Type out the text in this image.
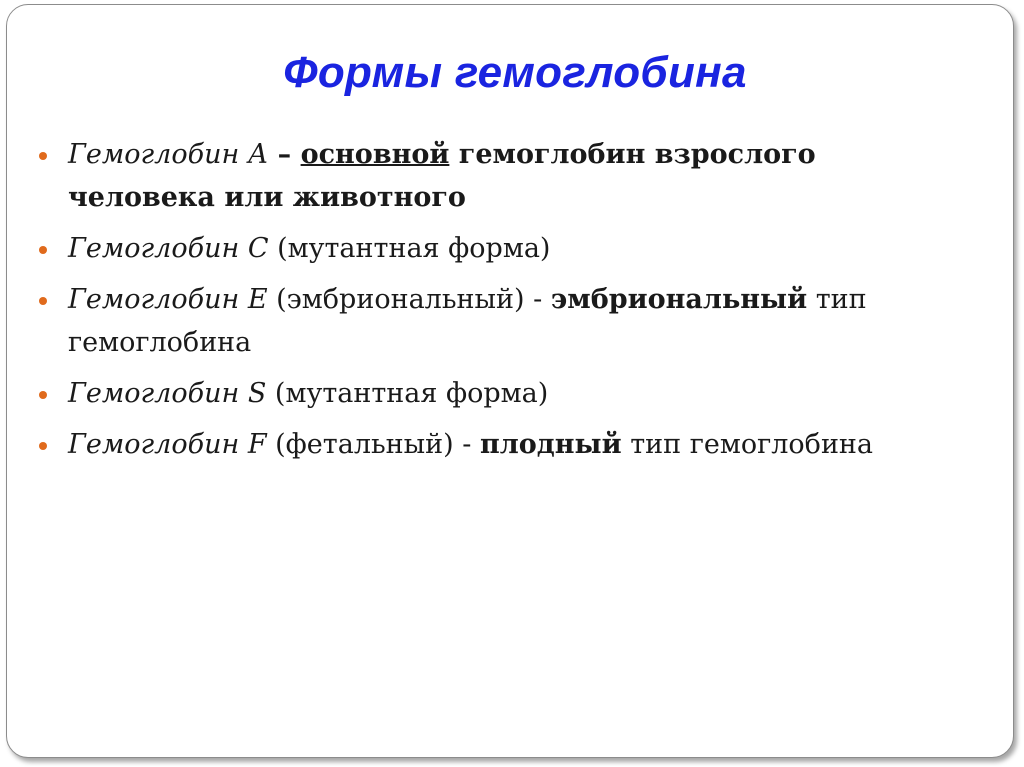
Формы гемоглобина
Гемоглобин А – основной гемоглобин взрослого человека или животного
Гемоглобин С (мутантная форма)
Гемоглобин Е (эмбриональный) - эмбриональный тип гемоглобина
Гемоглобин S (мутантная форма)
Гемоглобин F (фетальный) - плодный тип гемоглобина
